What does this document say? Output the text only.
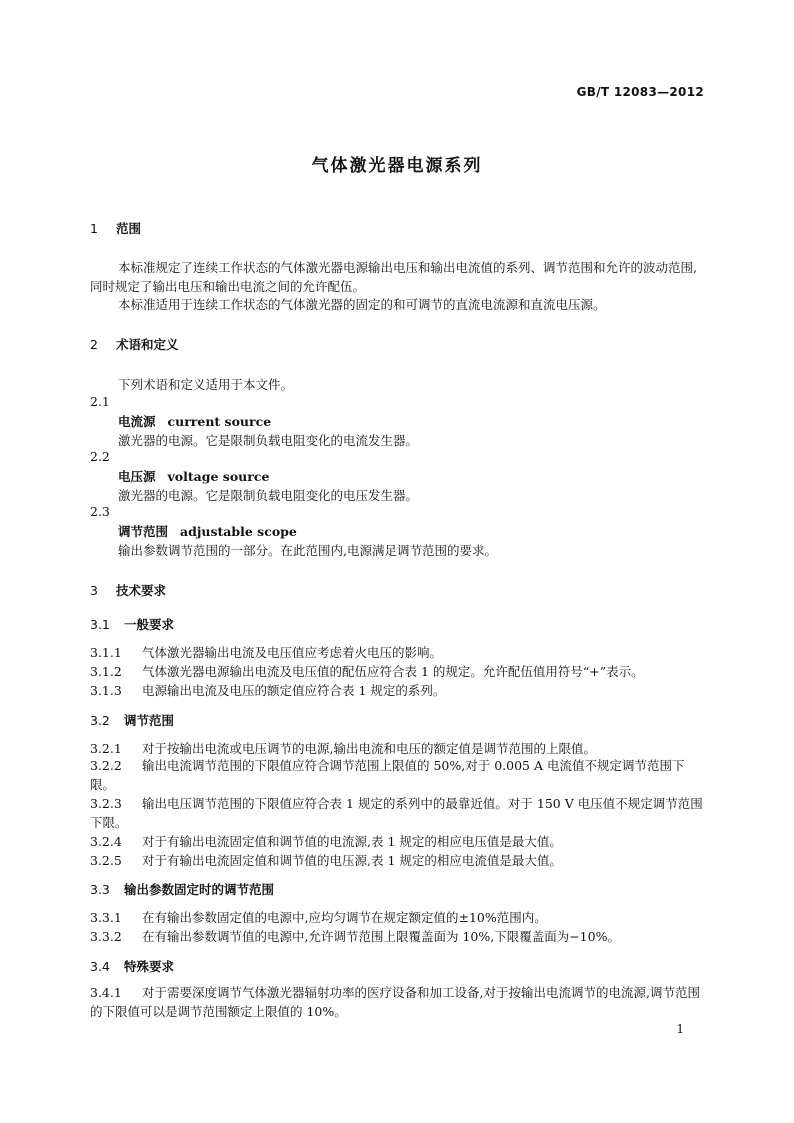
GB/T 12083—2012
气体激光器电源系列
1 范围
本标准规定了连续工作状态的气体激光器电源输出电压和输出电流值的系列、调节范围和允许的波动范围,同时规定了输出电压和输出电流之间的允许配伍。
本标准适用于连续工作状态的气体激光器的固定的和可调节的直流电流源和直流电压源。
2 术语和定义
下列术语和定义适用于本文件。
2.1
电流源 current source
激光器的电源。它是限制负载电阻变化的电流发生器。
2.2
电压源 voltage source
激光器的电源。它是限制负载电阻变化的电压发生器。
2.3
调节范围 adjustable scope
输出参数调节范围的一部分。在此范围内,电源满足调节范围的要求。
3 技术要求
3.1 一般要求
3.1.1 气体激光器输出电流及电压值应考虑着火电压的影响。
3.1.2 气体激光器电源输出电流及电压值的配伍应符合表 1 的规定。允许配伍值用符号“+”表示。
3.1.3 电源输出电流及电压的额定值应符合表 1 规定的系列。
3.2 调节范围
3.2.1 对于按输出电流或电压调节的电源,输出电流和电压的额定值是调节范围的上限值。
3.2.2 输出电流调节范围的下限值应符合调节范围上限值的 50%,对于 0.005 A 电流值不规定调节范围下限。
3.2.3 输出电压调节范围的下限值应符合表 1 规定的系列中的最靠近值。对于 150 V 电压值不规定调节范围下限。
3.2.4 对于有输出电流固定值和调节值的电流源,表 1 规定的相应电压值是最大值。
3.2.5 对于有输出电流固定值和调节值的电压源,表 1 规定的相应电流值是最大值。
3.3 输出参数固定时的调节范围
3.3.1 在有输出参数固定值的电源中,应均匀调节在规定额定值的±10%范围内。
3.3.2 在有输出参数调节值的电源中,允许调节范围上限覆盖面为 10%,下限覆盖面为−10%。
3.4 特殊要求
3.4.1 对于需要深度调节气体激光器辐射功率的医疗设备和加工设备,对于按输出电流调节的电流源,调节范围的下限值可以是调节范围额定上限值的 10%。
1
